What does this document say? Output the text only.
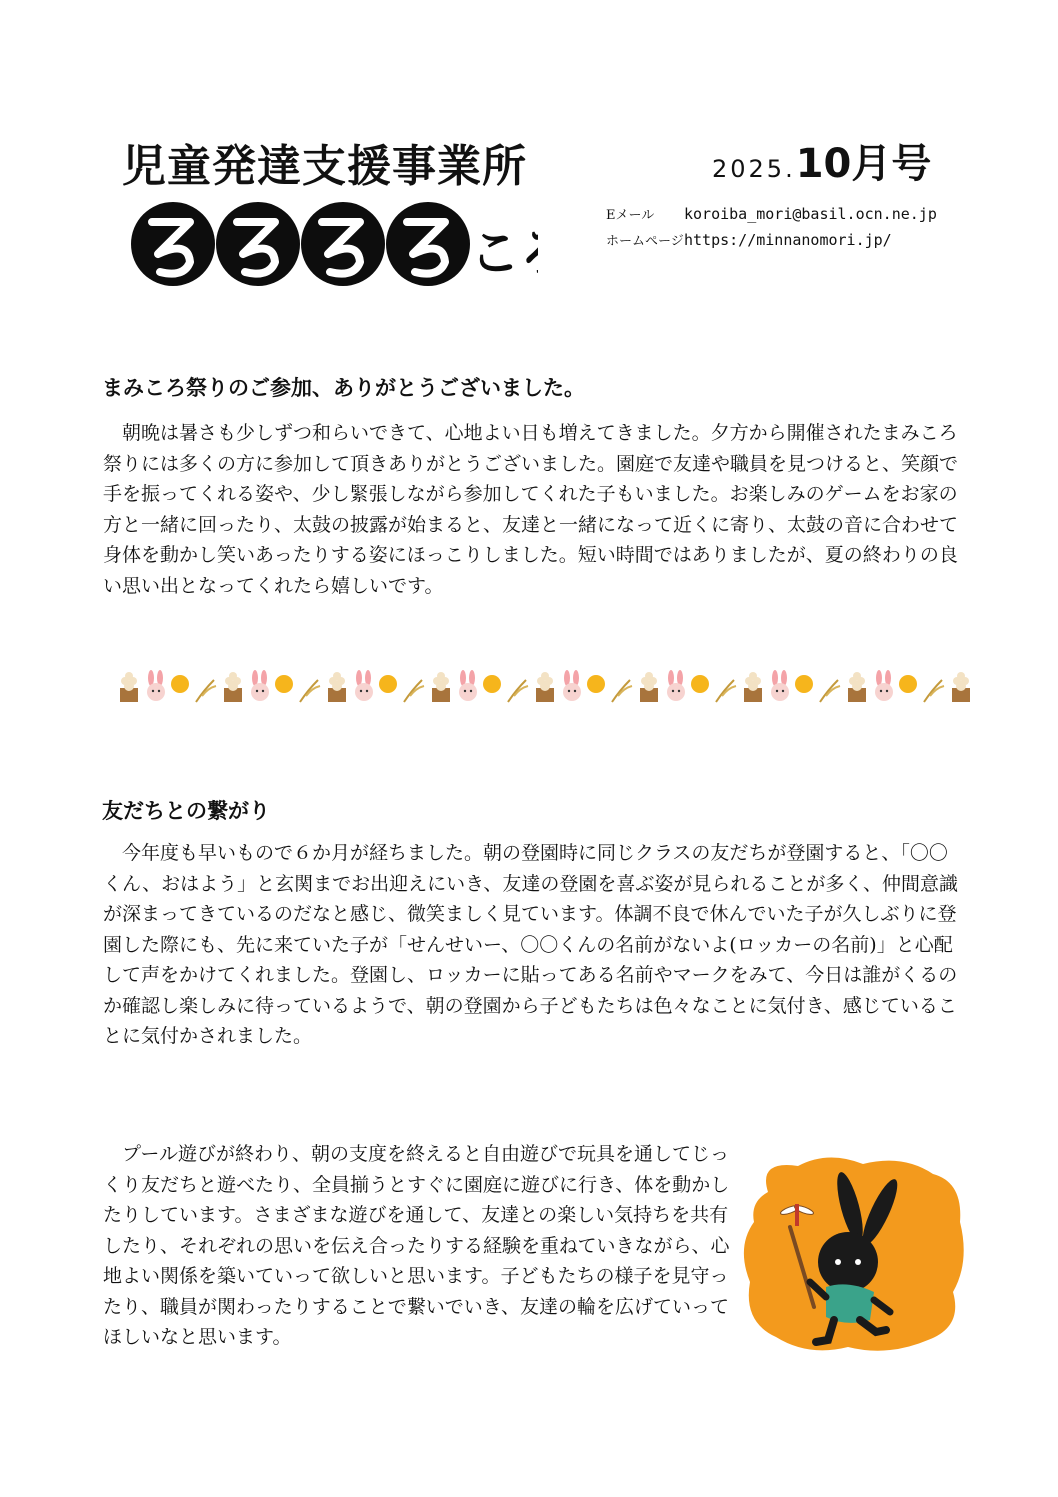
児童発達支援事業所
こ
2025.10月号
Eメール koroiba_mori@basil.ocn.ne.jp
ホームページhttps://minnanomori.jp/
まみころ祭りのご参加、ありがとうございました。

朝晩は暑さも少しずつ和らいできて、心地よい日も増えてきました。夕方から開催されたまみころ祭りには多くの方に参加して頂きありがとうございました。園庭で友達や職員を見つけると、笑顔で手を振ってくれる姿や、少し緊張しながら参加してくれた子もいました。お楽しみのゲームをお家の方と一緒に回ったり、太鼓の披露が始まると、友達と一緒になって近くに寄り、太鼓の音に合わせて身体を動かし笑いあったりする姿にほっこりしました。短い時間ではありましたが、夏の終わりの良い思い出となってくれたら嬉しいです。

友だちとの繋がり

今年度も早いもので６か月が経ちました。朝の登園時に同じクラスの友だちが登園すると、「〇〇くん、おはよう」と玄関までお出迎えにいき、友達の登園を喜ぶ姿が見られることが多く、仲間意識が深まってきているのだなと感じ、微笑ましく見ています。体調不良で休んでいた子が久しぶりに登園した際にも、先に来ていた子が「せんせいー、〇〇くんの名前がないよ(ロッカーの名前)」と心配して声をかけてくれました。登園し、ロッカーに貼ってある名前やマークをみて、今日は誰がくるのか確認し楽しみに待っているようで、朝の登園から子どもたちは色々なことに気付き、感じていることに気付かされました。

プール遊びが終わり、朝の支度を終えると自由遊びで玩具を通してじっくり友だちと遊べたり、全員揃うとすぐに園庭に遊びに行き、体を動かしたりしています。さまざまな遊びを通して、友達との楽しい気持ちを共有したり、それぞれの思いを伝え合ったりする経験を重ねていきながら、心地よい関係を築いていって欲しいと思います。子どもたちの様子を見守ったり、職員が関わったりすることで繋いでいき、友達の輪を広げていってほしいなと思います。
